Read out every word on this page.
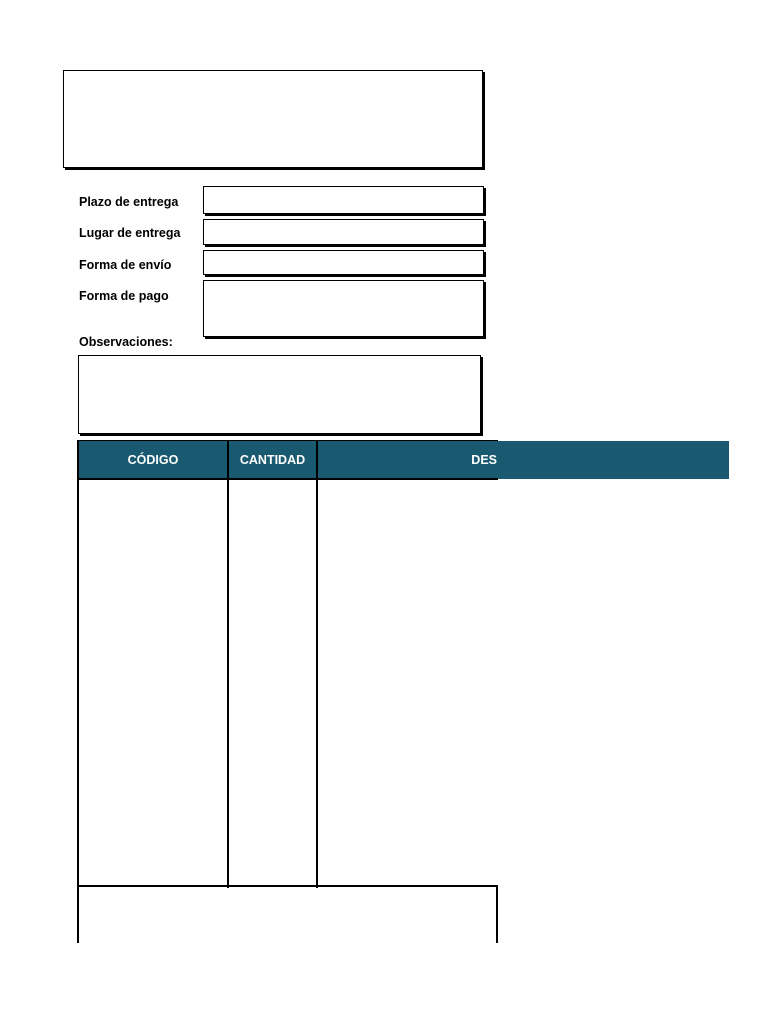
Plazo de entrega
Lugar de entrega
Forma de envío
Forma de pago
Observaciones:
CÓDIGO	CANTIDAD	DES
